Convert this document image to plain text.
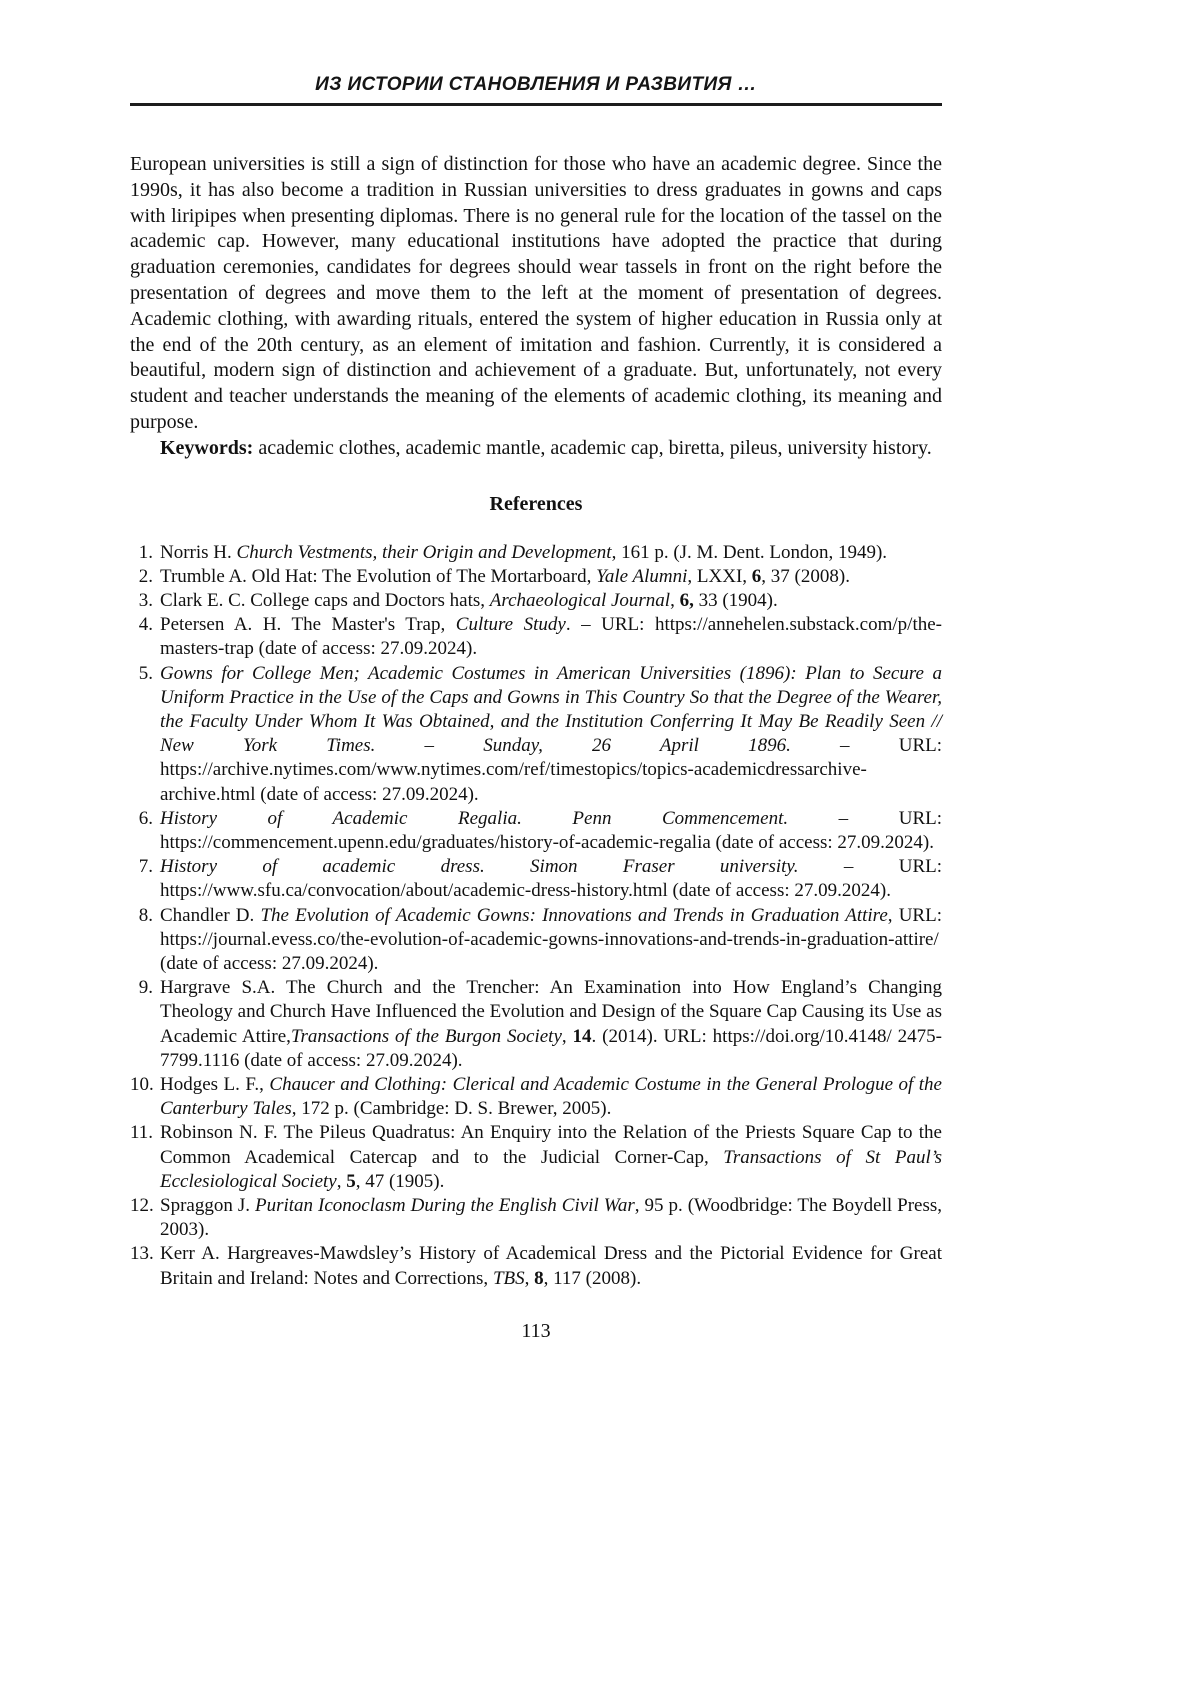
ИЗ ИСТОРИИ СТАНОВЛЕНИЯ И РАЗВИТИЯ …

European universities is still a sign of distinction for those who have an academic degree. Since the 1990s, it has also become a tradition in Russian universities to dress graduates in gowns and caps with liripipes when presenting diplomas. There is no general rule for the location of the tassel on the academic cap. However, many educational institutions have adopted the practice that during graduation ceremonies, candidates for degrees should wear tassels in front on the right before the presentation of degrees and move them to the left at the moment of presentation of degrees. Academic clothing, with awarding rituals, entered the system of higher education in Russia only at the end of the 20th century, as an element of imitation and fashion. Currently, it is considered a beautiful, modern sign of distinction and achievement of a graduate. But, unfortunately, not every student and teacher understands the meaning of the elements of academic clothing, its meaning and purpose.

Keywords: academic clothes, academic mantle, academic cap, biretta, pileus, university history.

References
1. Norris H. Church Vestments, their Origin and Development, 161 p. (J. M. Dent. London, 1949).
2. Trumble A. Old Hat: The Evolution of The Mortarboard, Yale Alumni, LXXI, 6, 37 (2008).
3. Clark E. C. College caps and Doctors hats, Archaeological Journal, 6, 33 (1904).
4. Petersen A. H. The Master's Trap, Culture Study. – URL: https://annehelen.substack.com/p/the-masters-trap (date of access: 27.09.2024).
5. Gowns for College Men; Academic Costumes in American Universities (1896): Plan to Secure a Uniform Practice in the Use of the Caps and Gowns in This Country So that the Degree of the Wearer, the Faculty Under Whom It Was Obtained, and the Institution Conferring It May Be Readily Seen // New York Times. – Sunday, 26 April 1896. – URL: https://archive.nytimes.com/www.nytimes.com/ref/timestopics/topics-academicdressarchive-archive.html (date of access: 27.09.2024).
6. History of Academic Regalia. Penn Commencement. – URL: https://commencement.upenn.edu/graduates/history-of-academic-regalia (date of access: 27.09.2024).
7. History of academic dress. Simon Fraser university. – URL: https://www.sfu.ca/convocation/about/academic-dress-history.html (date of access: 27.09.2024).
8. Chandler D. The Evolution of Academic Gowns: Innovations and Trends in Graduation Attire, URL: https://journal.evess.co/the-evolution-of-academic-gowns-innovations-and-trends-in-graduation-attire/ (date of access: 27.09.2024).
9. Hargrave S.A. The Church and the Trencher: An Examination into How England’s Changing Theology and Church Have Influenced the Evolution and Design of the Square Cap Causing its Use as Academic Attire,Transactions of the Burgon Society, 14. (2014). URL: https://doi.org/10.4148/ 2475-7799.1116 (date of access: 27.09.2024).
10. Hodges L. F., Chaucer and Clothing: Clerical and Academic Costume in the General Prologue of the Canterbury Tales, 172 p. (Cambridge: D. S. Brewer, 2005).
11. Robinson N. F. The Pileus Quadratus: An Enquiry into the Relation of the Priests Square Cap to the Common Academical Catercap and to the Judicial Corner-Cap, Transactions of St Paul’s Ecclesiological Society, 5, 47 (1905).
12. Spraggon J. Puritan Iconoclasm During the English Civil War, 95 p. (Woodbridge: The Boydell Press, 2003).
13. Kerr A. Hargreaves-Mawdsley’s History of Academical Dress and the Pictorial Evidence for Great Britain and Ireland: Notes and Corrections, TBS, 8, 117 (2008).
113
